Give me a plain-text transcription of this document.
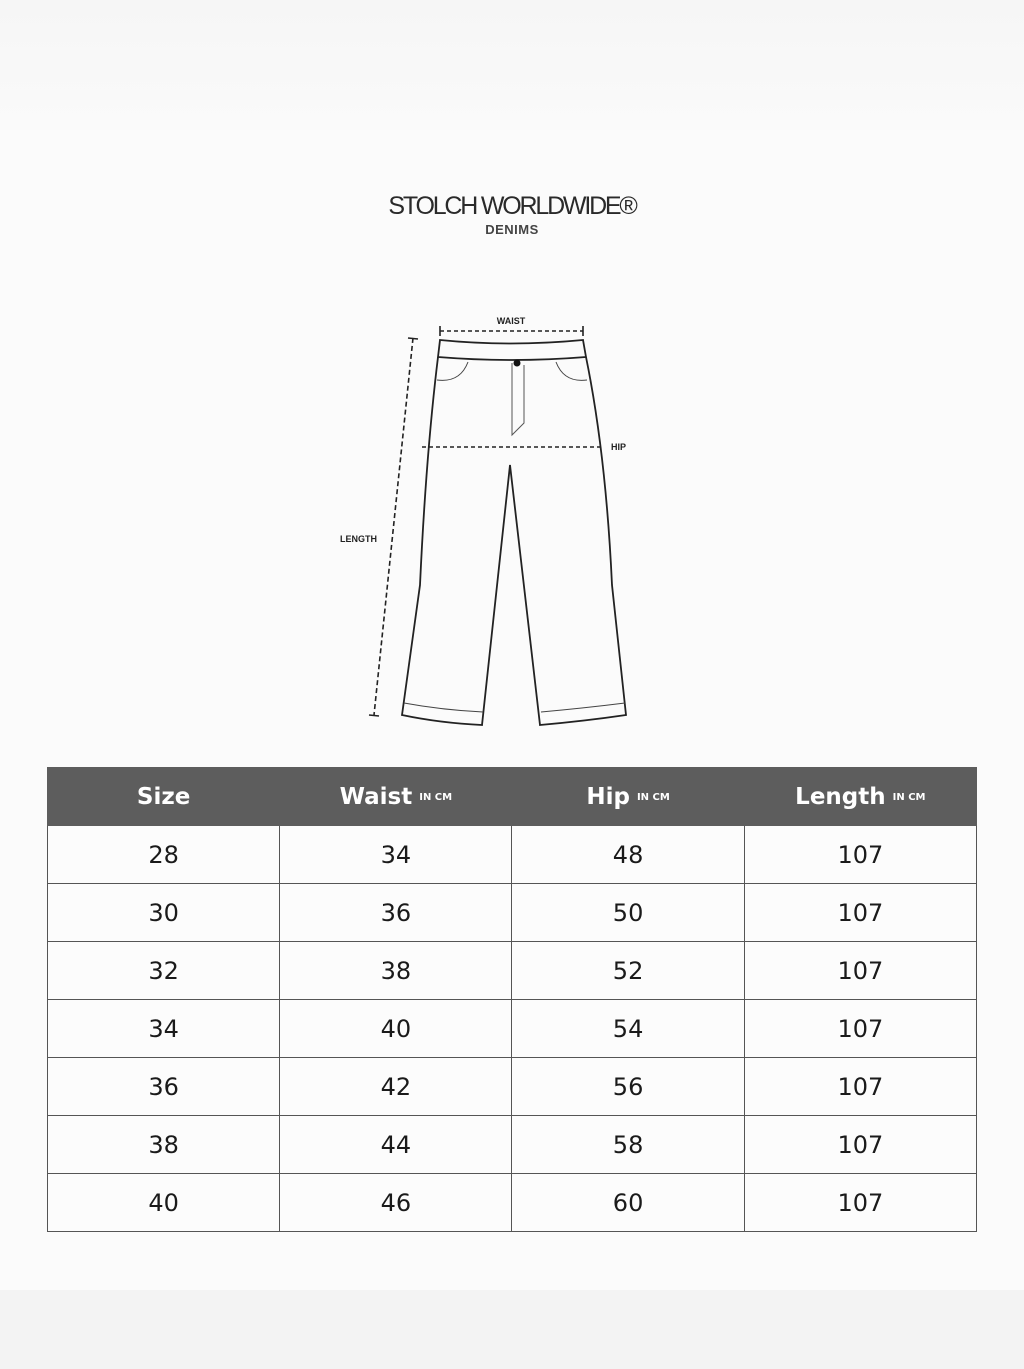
STOLCH WORLDWIDE®
DENIMS
WAIST
LENGTH
HIP
Size	Waist IN CM	Hip IN CM	Length IN CM
28	34	48	107
30	36	50	107
32	38	52	107
34	40	54	107
36	42	56	107
38	44	58	107
40	46	60	107
